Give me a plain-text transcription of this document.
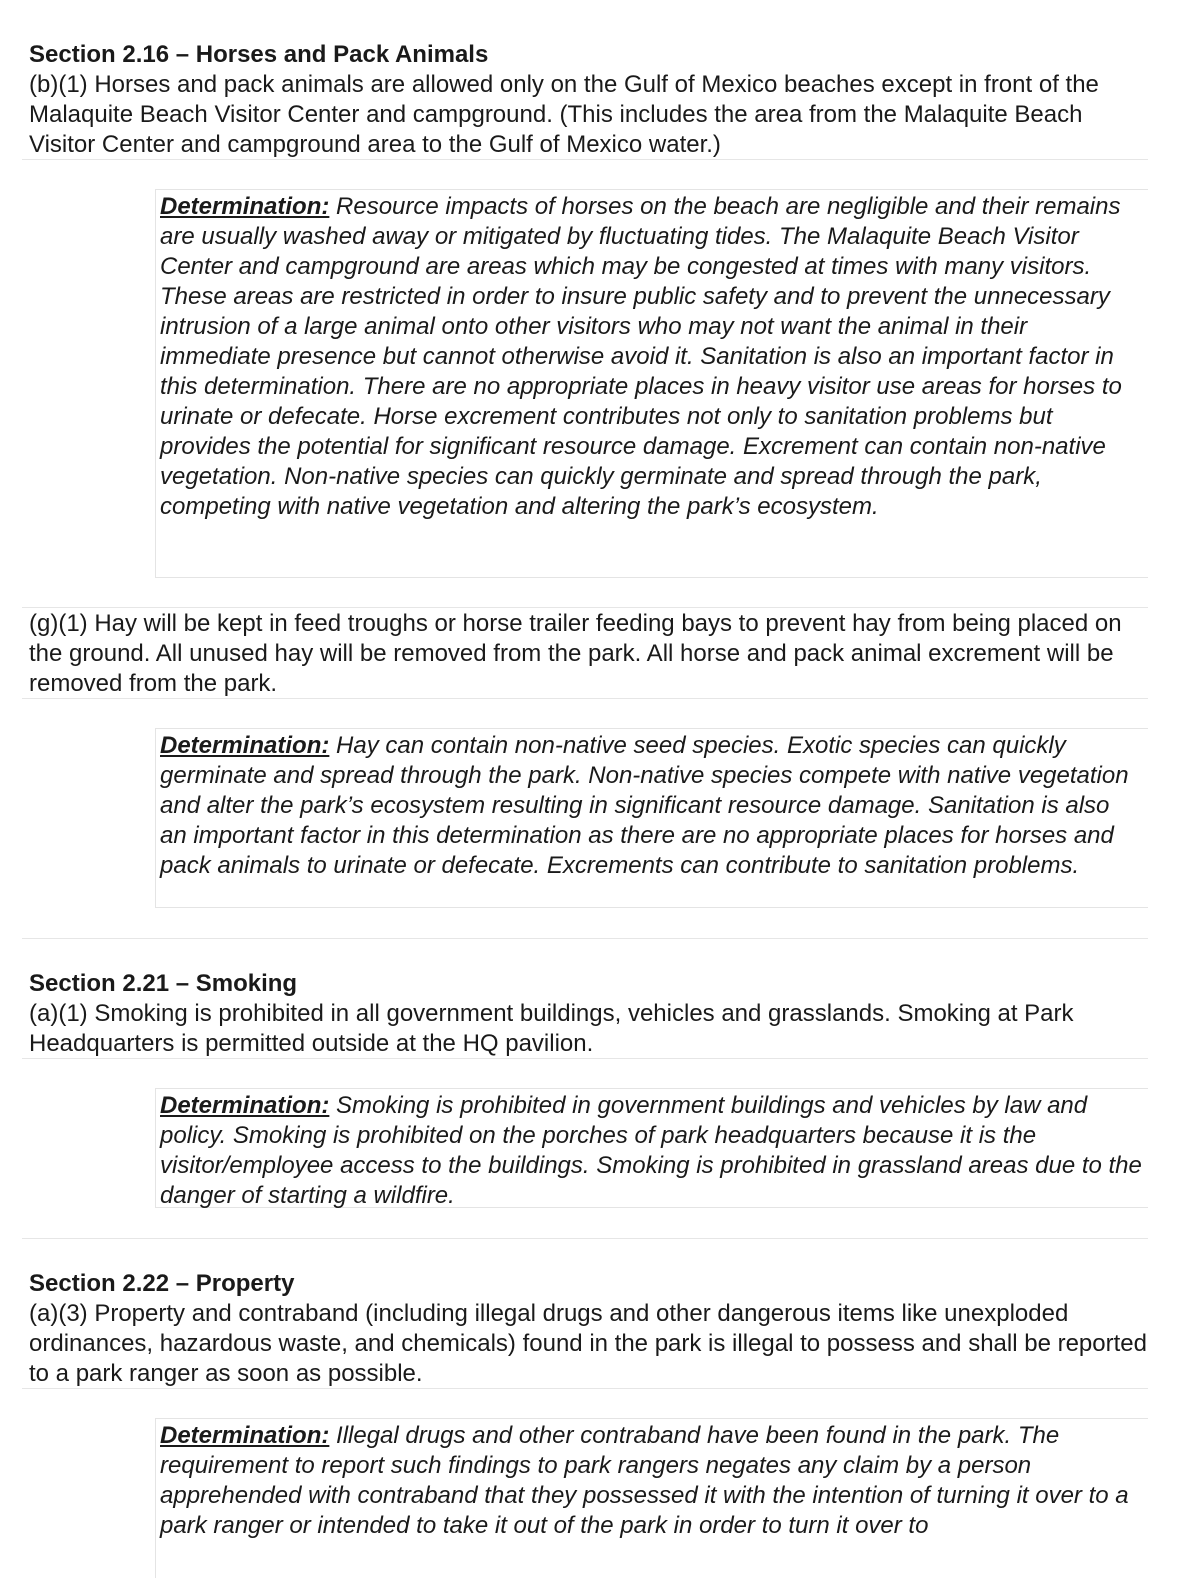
Section 2.16 – Horses and Pack Animals
(b)(1) Horses and pack animals are allowed only on the Gulf of Mexico beaches except in front of the Malaquite Beach Visitor Center and campground. (This includes the area from the Malaquite Beach Visitor Center and campground area to the Gulf of Mexico water.)
Determination: Resource impacts of horses on the beach are negligible and their remains are usually washed away or mitigated by fluctuating tides. The Malaquite Beach Visitor Center and campground are areas which may be congested at times with many visitors. These areas are restricted in order to insure public safety and to prevent the unnecessary intrusion of a large animal onto other visitors who may not want the animal in their immediate presence but cannot otherwise avoid it. Sanitation is also an important factor in this determination. There are no appropriate places in heavy visitor use areas for horses to urinate or defecate. Horse excrement contributes not only to sanitation problems but provides the potential for significant resource damage. Excrement can contain non-native vegetation. Non-native species can quickly germinate and spread through the park, competing with native vegetation and altering the park’s ecosystem.
(g)(1) Hay will be kept in feed troughs or horse trailer feeding bays to prevent hay from being placed on the ground. All unused hay will be removed from the park. All horse and pack animal excrement will be removed from the park.
Determination: Hay can contain non-native seed species. Exotic species can quickly germinate and spread through the park. Non-native species compete with native vegetation and alter the park’s ecosystem resulting in significant resource damage. Sanitation is also an important factor in this determination as there are no appropriate places for horses and pack animals to urinate or defecate. Excrements can contribute to sanitation problems.
Section 2.21 – Smoking
(a)(1) Smoking is prohibited in all government buildings, vehicles and grasslands. Smoking at Park Headquarters is permitted outside at the HQ pavilion.
Determination: Smoking is prohibited in government buildings and vehicles by law and policy. Smoking is prohibited on the porches of park headquarters because it is the visitor/employee access to the buildings. Smoking is prohibited in grassland areas due to the danger of starting a wildfire.
Section 2.22 – Property
(a)(3) Property and contraband (including illegal drugs and other dangerous items like unexploded ordinances, hazardous waste, and chemicals) found in the park is illegal to possess and shall be reported to a park ranger as soon as possible.
Determination: Illegal drugs and other contraband have been found in the park. The requirement to report such findings to park rangers negates any claim by a person apprehended with contraband that they possessed it with the intention of turning it over to a park ranger or intended to take it out of the park in order to turn it over to
